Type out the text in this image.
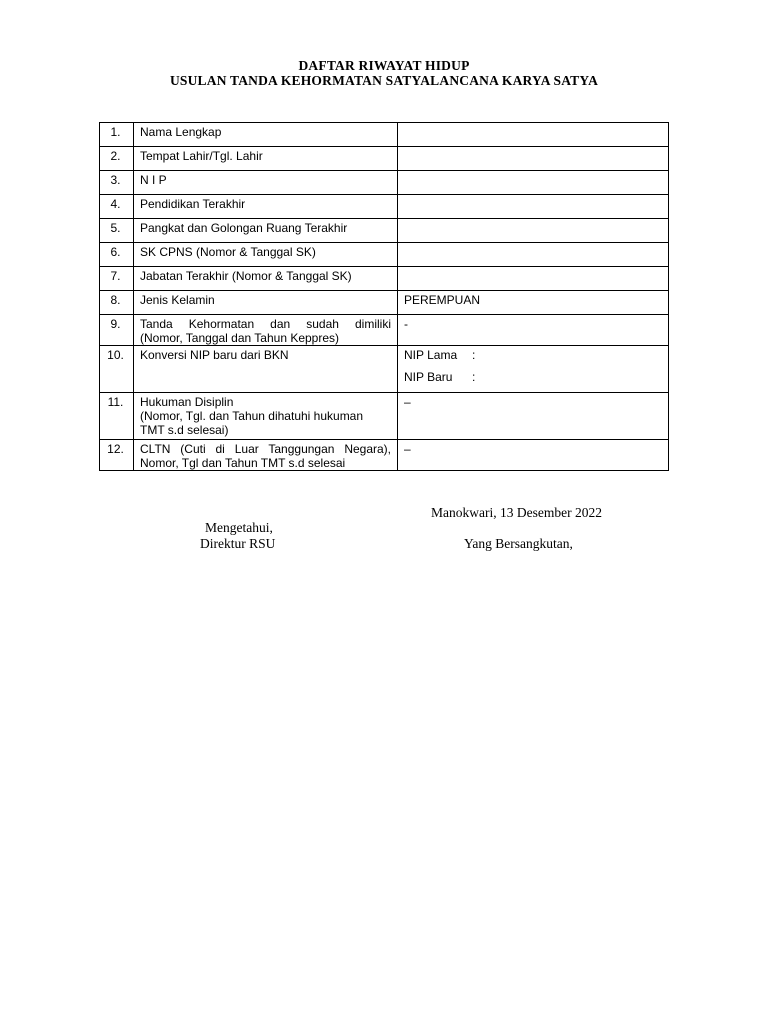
DAFTAR RIWAYAT HIDUP
USULAN TANDA KEHORMATAN SATYALANCANA KARYA SATYA
1.	Nama Lengkap	
2.	Tempat Lahir/Tgl. Lahir	
3.	N I P	
4.	Pendidikan Terakhir	
5.	Pangkat dan Golongan Ruang Terakhir	
6.	SK CPNS (Nomor & Tanggal SK)	
7.	Jabatan Terakhir (Nomor & Tanggal SK)	
8.	Jenis Kelamin	PEREMPUAN
9.	Tanda Kehormatan dan sudah dimiliki
(Nomor, Tanggal dan Tahun Keppres)	-
10.	Konversi NIP baru dari BKN	NIP Lama :
NIP Baru :

11.	Hukuman Disiplin
(Nomor, Tgl. dan Tahun dihatuhi hukuman
TMT s.d selesai)	–
12.	CLTN (Cuti di Luar Tanggungan Negara),
Nomor, Tgl dan Tahun TMT s.d selesai	–
Manokwari, 13 Desember 2022
Mengetahui,
Direktur RSU	Yang Bersangkutan,
